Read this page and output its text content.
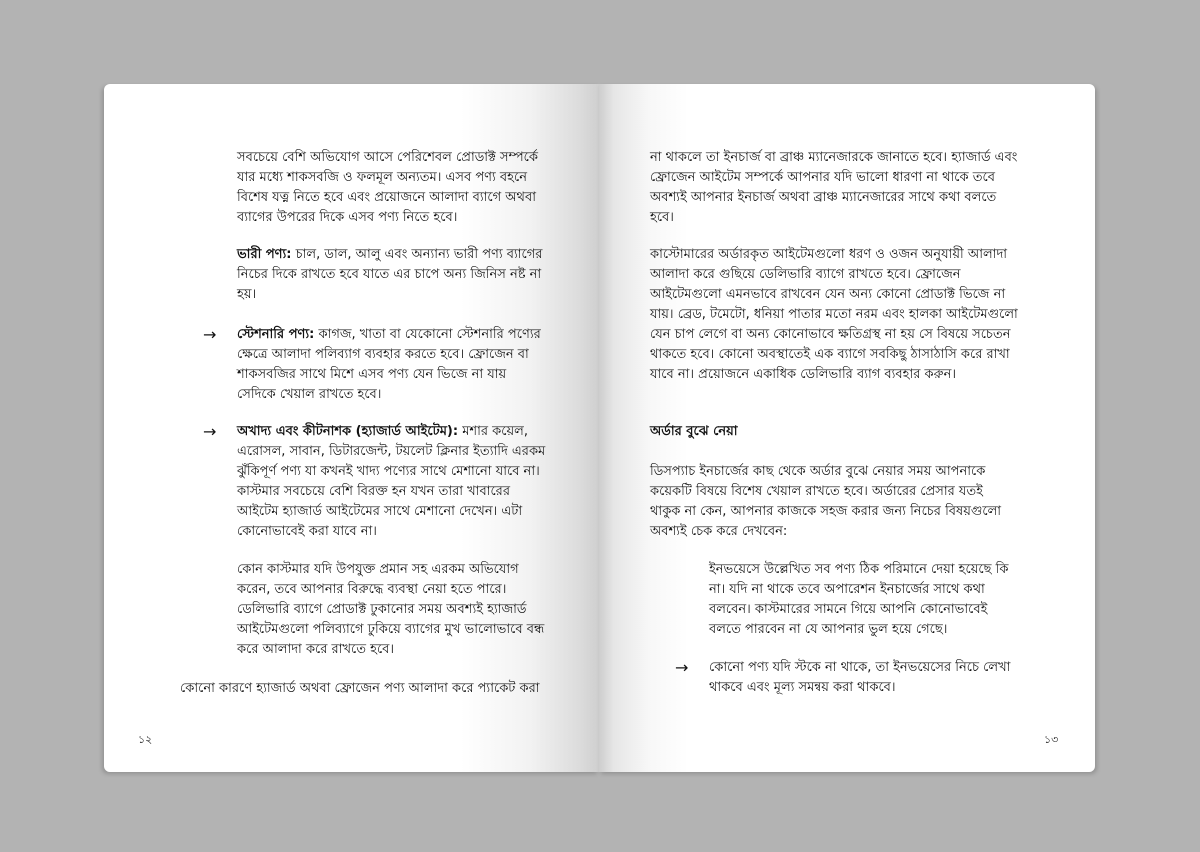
সবচেয়ে বেশি অভিযোগ আসে পেরিশেবল প্রোডাক্ট সম্পর্কে

যার মধ্যে শাকসবজি ও ফলমূল অন্যতম। এসব পণ্য বহনে

বিশেষ যত্ন নিতে হবে এবং প্রয়োজনে আলাদা ব্যাগে অথবা

ব্যাগের উপরের দিকে এসব পণ্য নিতে হবে।

ভারী পণ্য: চাল, ডাল, আলু এবং অন্যান্য ভারী পণ্য ব্যাগের

নিচের দিকে রাখতে হবে যাতে এর চাপে অন্য জিনিস নষ্ট না

হয়।

→ স্টেশনারি পণ্য: কাগজ, খাতা বা যেকোনো স্টেশনারি পণ্যের

ক্ষেত্রে আলাদা পলিব্যাগ ব্যবহার করতে হবে। ফ্রোজেন বা

শাকসবজির সাথে মিশে এসব পণ্য যেন ভিজে না যায়

সেদিকে খেয়াল রাখতে হবে।

→ অখাদ্য এবং কীটনাশক (হ্যাজার্ড আইটেম): মশার কয়েল,

এরোসল, সাবান, ডিটারজেন্ট, টয়লেট ক্লিনার ইত্যাদি এরকম

ঝুঁকিপূর্ণ পণ্য যা কখনই খাদ্য পণ্যের সাথে মেশানো যাবে না।

কাস্টমার সবচেয়ে বেশি বিরক্ত হন যখন তারা খাবারের

আইটেম হ্যাজার্ড আইটেমের সাথে মেশানো দেখেন। এটা

কোনোভাবেই করা যাবে না।

কোন কাস্টমার যদি উপযুক্ত প্রমান সহ এরকম অভিযোগ

করেন, তবে আপনার বিরুদ্ধে ব্যবস্থা নেয়া হতে পারে।

ডেলিভারি ব্যাগে প্রোডাক্ট ঢুকানোর সময় অবশ্যই হ্যাজার্ড

আইটেমগুলো পলিব্যাগে ঢুকিয়ে ব্যাগের মুখ ভালোভাবে বন্ধ

করে আলাদা করে রাখতে হবে।

কোনো কারণে হ্যাজার্ড অথবা ফ্রোজেন পণ্য আলাদা করে প্যাকেট করা

১২

না থাকলে তা ইনচার্জ বা ব্রাঞ্চ ম্যানেজারকে জানাতে হবে। হ্যাজার্ড এবং

ফ্রোজেন আইটেম সম্পর্কে আপনার যদি ভালো ধারণা না থাকে তবে

অবশ্যই আপনার ইনচার্জ অথবা ব্রাঞ্চ ম্যানেজারের সাথে কথা বলতে

হবে।

কাস্টোমারের অর্ডারকৃত আইটেমগুলো ধরণ ও ওজন অনুযায়ী আলাদা

আলাদা করে গুছিয়ে ডেলিভারি ব্যাগে রাখতে হবে। ফ্রোজেন

আইটেমগুলো এমনভাবে রাখবেন যেন অন্য কোনো প্রোডাক্ট ভিজে না

যায়। ব্রেড, টমেটো, ধনিয়া পাতার মতো নরম এবং হালকা আইটেমগুলো

যেন চাপ লেগে বা অন্য কোনোভাবে ক্ষতিগ্রস্থ না হয় সে বিষয়ে সচেতন

থাকতে হবে। কোনো অবস্থাতেই এক ব্যাগে সবকিছু ঠাসাঠাসি করে রাখা

যাবে না। প্রয়োজনে একাধিক ডেলিভারি ব্যাগ ব্যবহার করুন।

অর্ডার বুঝে নেয়া

ডিসপ্যাচ ইনচার্জের কাছ থেকে অর্ডার বুঝে নেয়ার সময় আপনাকে

কয়েকটি বিষয়ে বিশেষ খেয়াল রাখতে হবে। অর্ডারের প্রেসার যতই

থাকুক না কেন, আপনার কাজকে সহজ করার জন্য নিচের বিষয়গুলো

অবশ্যই চেক করে দেখবেন:

ইনভয়েসে উল্লেখিত সব পণ্য ঠিক পরিমানে দেয়া হয়েছে কি

না। যদি না থাকে তবে অপারেশন ইনচার্জের সাথে কথা

বলবেন। কাস্টমারের সামনে গিয়ে আপনি কোনোভাবেই

বলতে পারবেন না যে আপনার ভুল হয়ে গেছে।

→ কোনো পণ্য যদি স্টকে না থাকে, তা ইনভয়েসের নিচে লেখা

থাকবে এবং মূল্য সমন্বয় করা থাকবে।

১৩
